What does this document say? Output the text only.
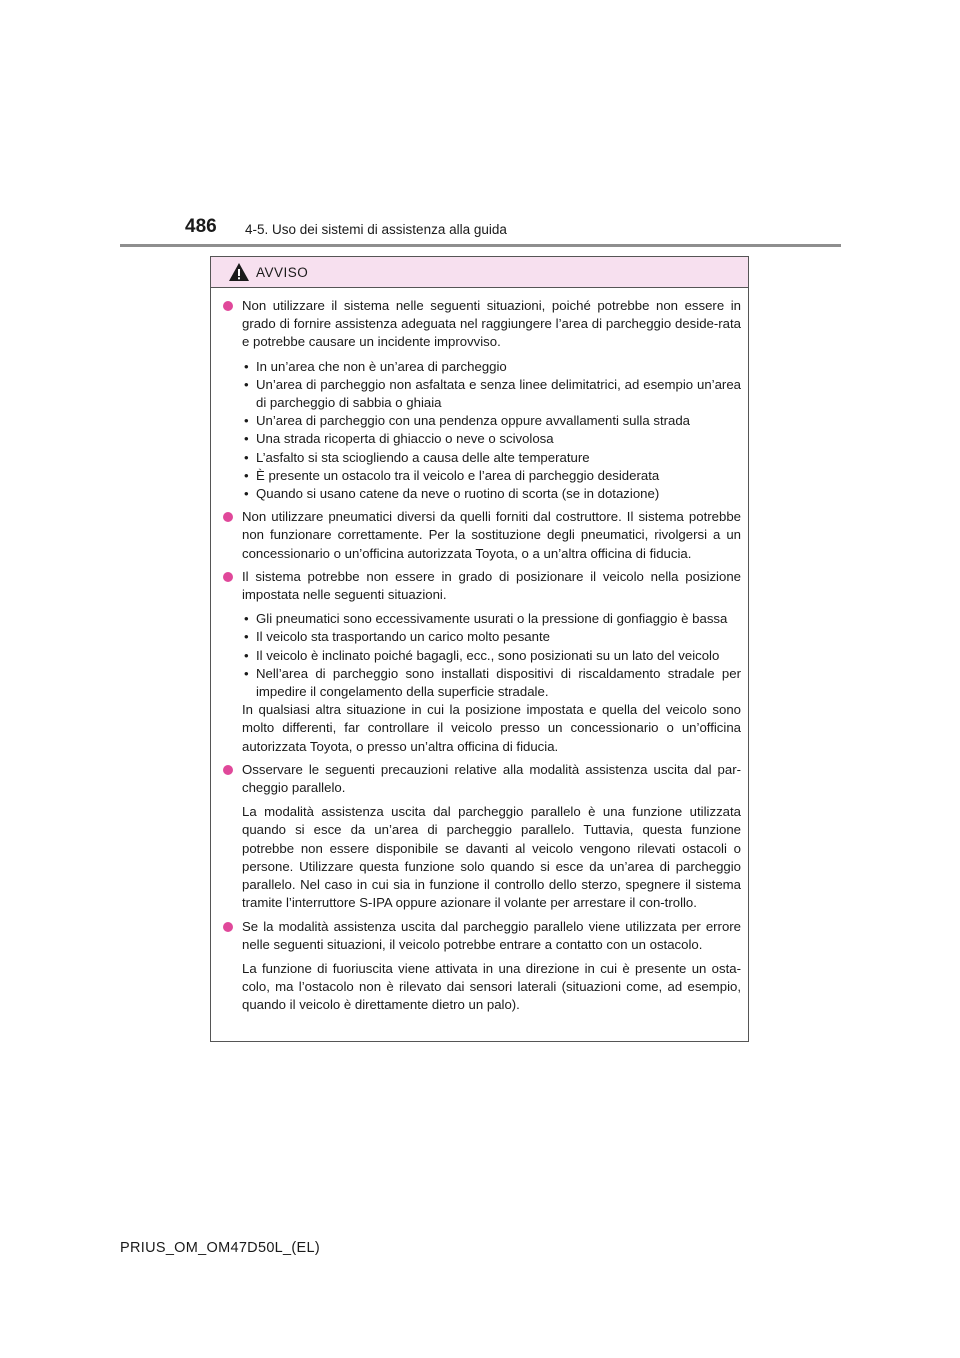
486 4-5. Uso dei sistemi di assistenza alla guida
AVVISO

Non utilizzare il sistema nelle seguenti situazioni, poiché potrebbe non essere in grado di fornire assistenza adeguata nel raggiungere l’area di parcheggio deside-rata e potrebbe causare un incidente improvviso.

• In un’area che non è un’area di parcheggio
• Un’area di parcheggio non asfaltata e senza linee delimitatrici, ad esempio un’area di parcheggio di sabbia o ghiaia
• Un’area di parcheggio con una pendenza oppure avvallamenti sulla strada
• Una strada ricoperta di ghiaccio o neve o scivolosa
• L’asfalto si sta sciogliendo a causa delle alte temperature
• È presente un ostacolo tra il veicolo e l’area di parcheggio desiderata
• Quando si usano catene da neve o ruotino di scorta (se in dotazione)

Non utilizzare pneumatici diversi da quelli forniti dal costruttore. Il sistema potrebbe non funzionare correttamente. Per la sostituzione degli pneumatici, rivolgersi a un concessionario o un’officina autorizzata Toyota, o a un’altra officina di fiducia.

Il sistema potrebbe non essere in grado di posizionare il veicolo nella posizione impostata nelle seguenti situazioni.

• Gli pneumatici sono eccessivamente usurati o la pressione di gonfiaggio è bassa
• Il veicolo sta trasportando un carico molto pesante
• Il veicolo è inclinato poiché bagagli, ecc., sono posizionati su un lato del veicolo
• Nell’area di parcheggio sono installati dispositivi di riscaldamento stradale per impedire il congelamento della superficie stradale.

In qualsiasi altra situazione in cui la posizione impostata e quella del veicolo sono molto differenti, far controllare il veicolo presso un concessionario o un’officina autorizzata Toyota, o presso un’altra officina di fiducia.

Osservare le seguenti precauzioni relative alla modalità assistenza uscita dal par-cheggio parallelo.

La modalità assistenza uscita dal parcheggio parallelo è una funzione utilizzata quando si esce da un’area di parcheggio parallelo. Tuttavia, questa funzione potrebbe non essere disponibile se davanti al veicolo vengono rilevati ostacoli o persone. Utilizzare questa funzione solo quando si esce da un’area di parcheggio parallelo. Nel caso in cui sia in funzione il controllo dello sterzo, spegnere il sistema tramite l’interruttore S-IPA oppure azionare il volante per arrestare il con-trollo.

Se la modalità assistenza uscita dal parcheggio parallelo viene utilizzata per errore nelle seguenti situazioni, il veicolo potrebbe entrare a contatto con un ostacolo.

La funzione di fuoriuscita viene attivata in una direzione in cui è presente un osta-colo, ma l’ostacolo non è rilevato dai sensori laterali (situazioni come, ad esempio, quando il veicolo è direttamente dietro un palo).

PRIUS_OM_OM47D50L_(EL)
